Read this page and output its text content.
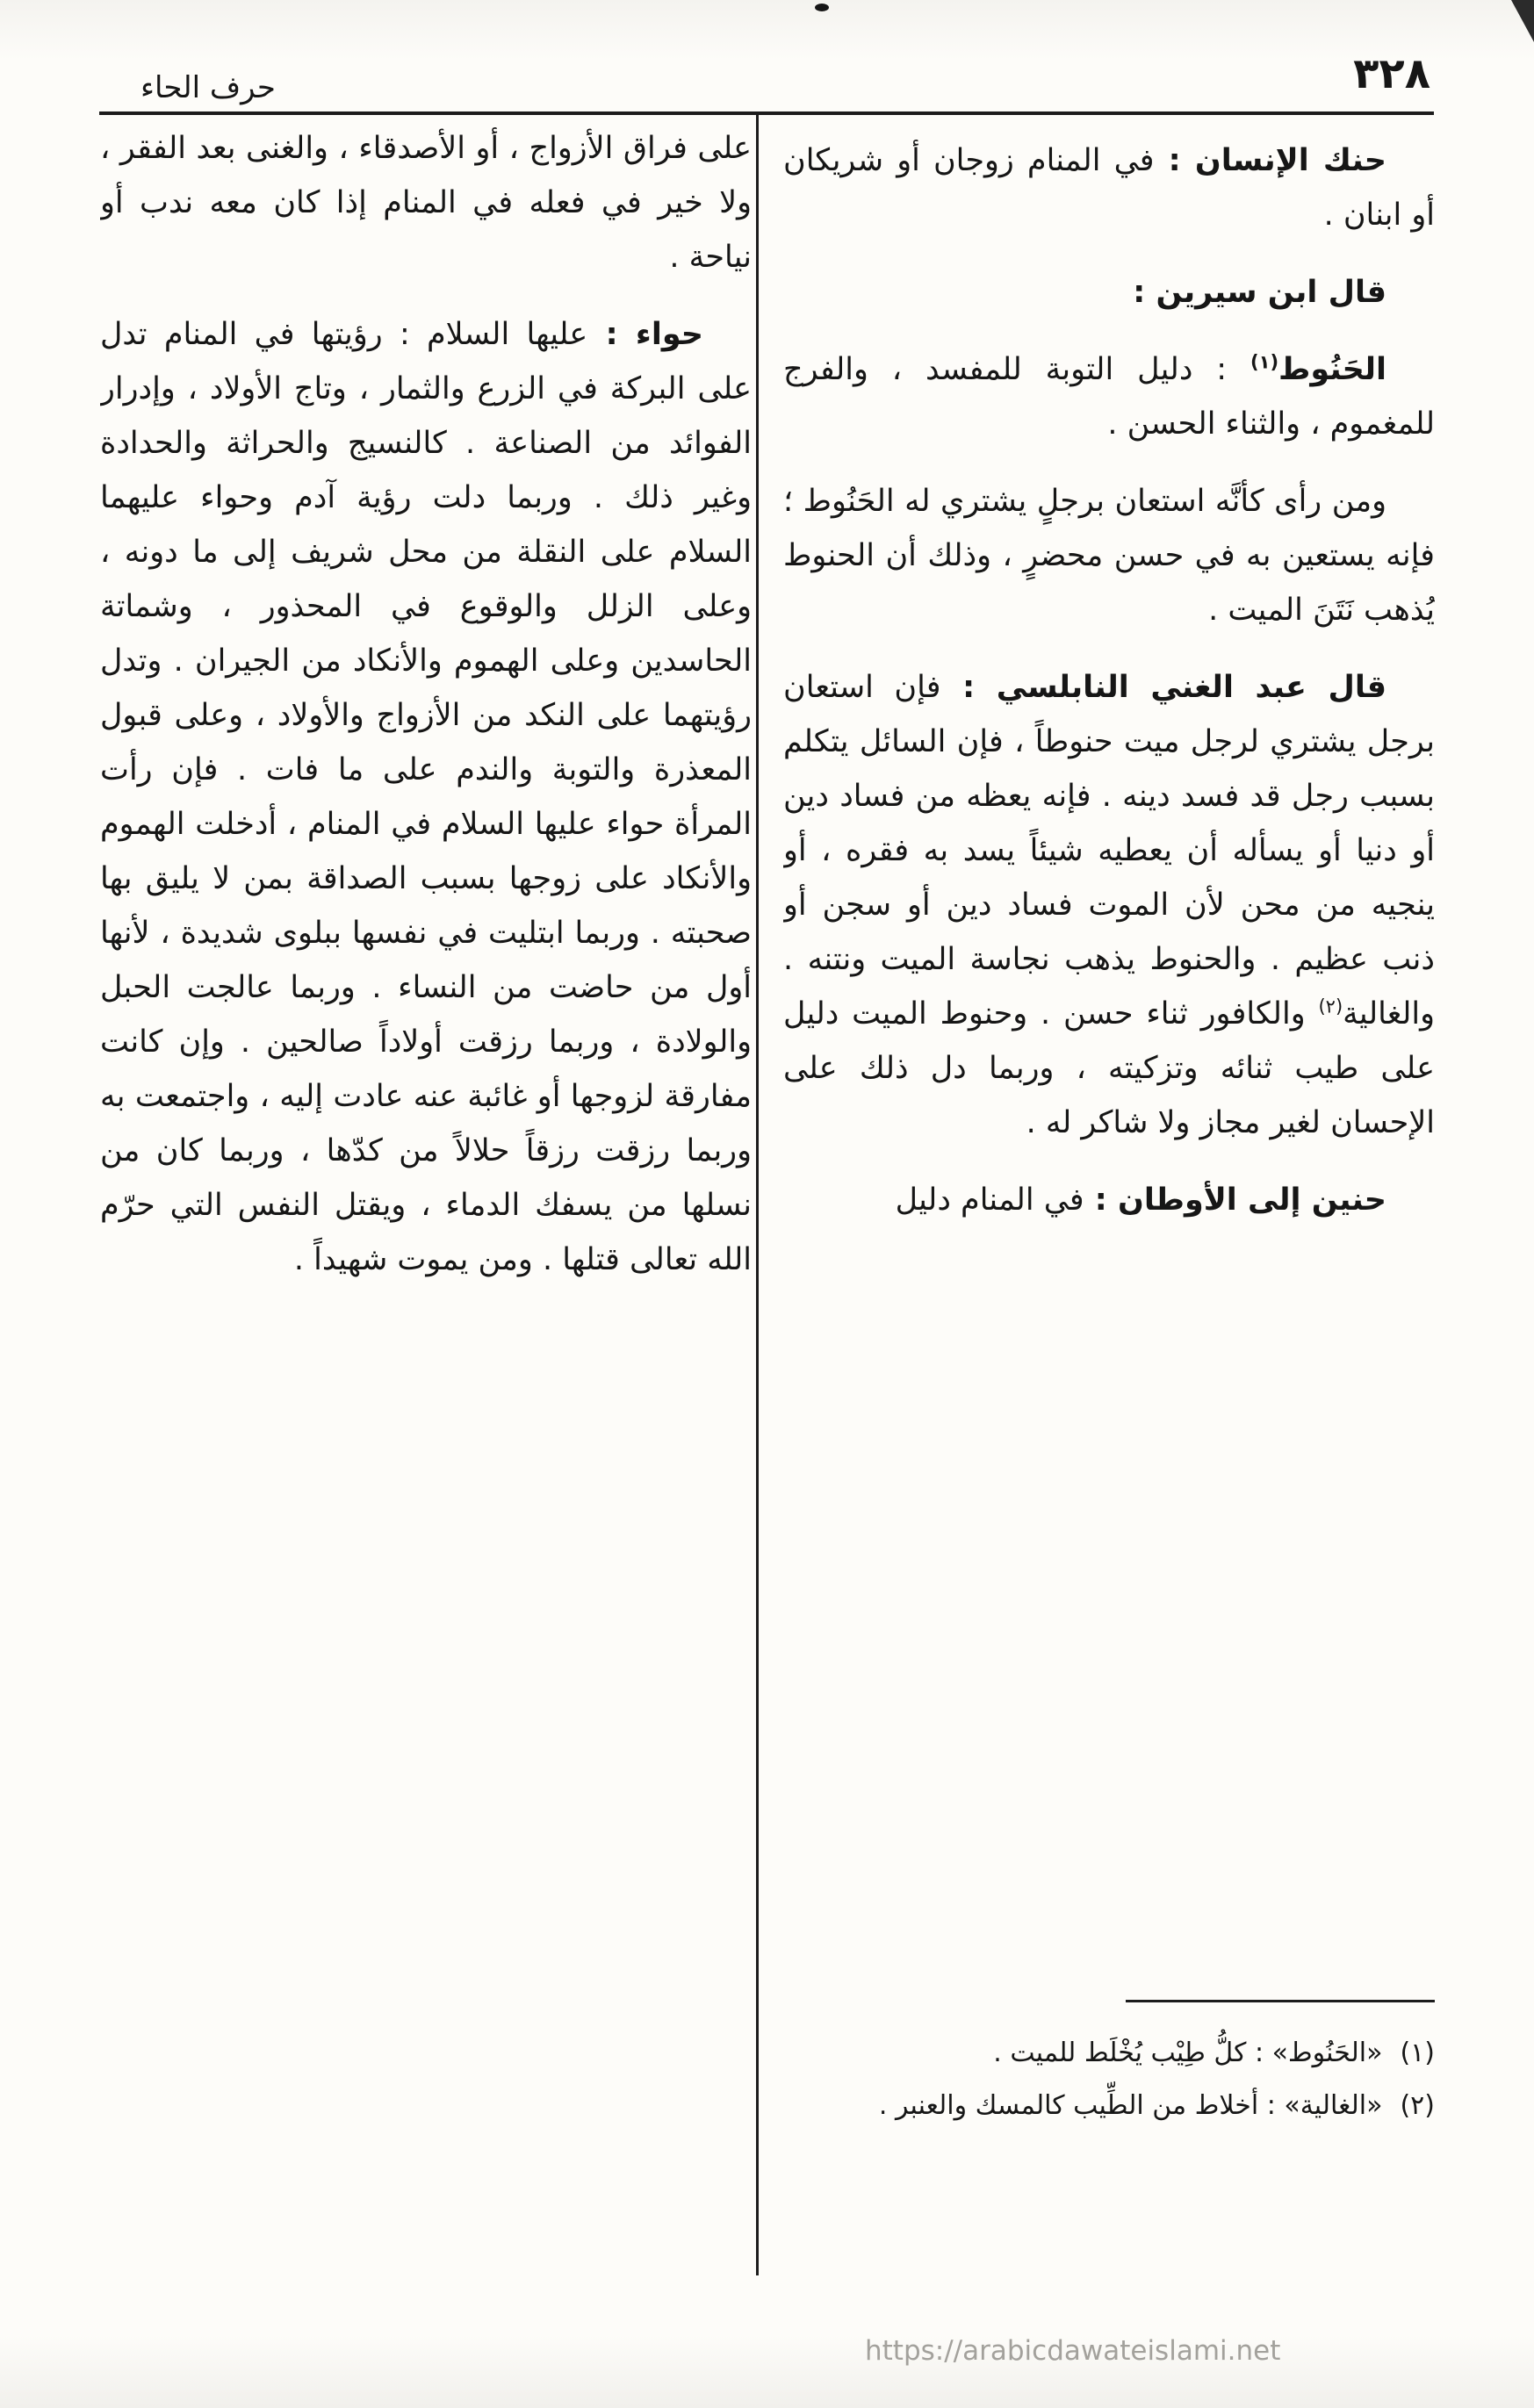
حرف الحاء	٣٢٨

حنك الإنسان : في المنام زوجان أو شريكان أو ابنان .

قال ابن سيرين :

الحَنُوط$^{(١)}$ : دليل التوبة للمفسد ، والفرج للمغموم ، والثناء الحسن .

ومن رأى كأنَّه استعان برجلٍ يشتري له الحَنُوط ؛ فإنه يستعين به في حسن محضرٍ ، وذلك أن الحنوط يُذهب نَتَنَ الميت .

قال عبد الغني النابلسي : فإن استعان برجل يشتري لرجل ميت حنوطاً ، فإن السائل يتكلم بسبب رجل قد فسد دينه . فإنه يعظه من فساد دين أو دنيا أو يسأله أن يعطيه شيئاً يسد به فقره ، أو ينجيه من محن لأن الموت فساد دين أو سجن أو ذنب عظيم . والحنوط يذهب نجاسة الميت ونتنه . والغالية$^{(٢)}$ والكافور ثناء حسن . وحنوط الميت دليل على طيب ثنائه وتزكيته ، وربما دل ذلك على الإحسان لغير مجاز ولا شاكر له .

حنين إلى الأوطان : في المنام دليل

(١)
«الحَنُوط» : كلُّ طِيْب يُخْلَط للميت .
(٢)
«الغالية» : أخلاط من الطِّيب كالمسك والعنبر .

على فراق الأزواج ، أو الأصدقاء ، والغنى بعد الفقر ، ولا خير في فعله في المنام إذا كان معه ندب أو نياحة .

حواء : عليها السلام : رؤيتها في المنام تدل على البركة في الزرع والثمار ، وتاج الأولاد ، وإدرار الفوائد من الصناعة . كالنسيج والحراثة والحدادة وغير ذلك . وربما دلت رؤية آدم وحواء عليهما السلام على النقلة من محل شريف إلى ما دونه ، وعلى الزلل والوقوع في المحذور ، وشماتة الحاسدين وعلى الهموم والأنكاد من الجيران . وتدل رؤيتهما على النكد من الأزواج والأولاد ، وعلى قبول المعذرة والتوبة والندم على ما فات . فإن رأت المرأة حواء عليها السلام في المنام ، أدخلت الهموم والأنكاد على زوجها بسبب الصداقة بمن لا يليق بها صحبته . وربما ابتليت في نفسها ببلوى شديدة ، لأنها أول من حاضت من النساء . وربما عالجت الحبل والولادة ، وربما رزقت أولاداً صالحين . وإن كانت مفارقة لزوجها أو غائبة عنه عادت إليه ، واجتمعت به وربما رزقت رزقاً حلالاً من كدّها ، وربما كان من نسلها من يسفك الدماء ، ويقتل النفس التي حرّم الله تعالى قتلها . ومن يموت شهيداً .

https://arabicdawateislami.net
